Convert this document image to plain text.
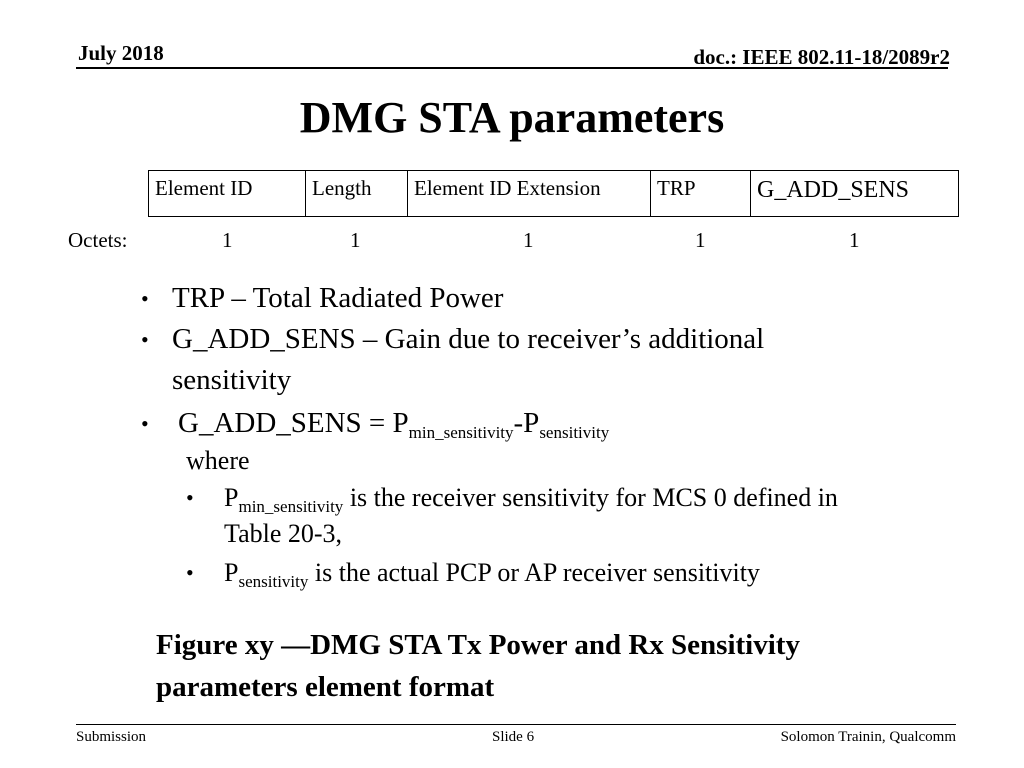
July 2018	doc.: IEEE 802.11-18/2089r2
DMG STA parameters
Element ID	Length	Element ID Extension	TRP	G_ADD_SENS
Octets:	1	1	1	1	1
• TRP – Total Radiated Power
• G_ADD_SENS – Gain due to receiver’s additional
sensitivity
• G_ADD_SENS = $P_{min\_sensitivity}-P_{sensitivity}$
where
• $P_{min\_sensitivity}$ is the receiver sensitivity for MCS 0 defined in
Table 20-3,
• $P_{sensitivity}$ is the actual PCP or AP receiver sensitivity
Figure xy —DMG STA Tx Power and Rx Sensitivity
parameters element format
Submission	Slide 6	Solomon Trainin, Qualcomm
